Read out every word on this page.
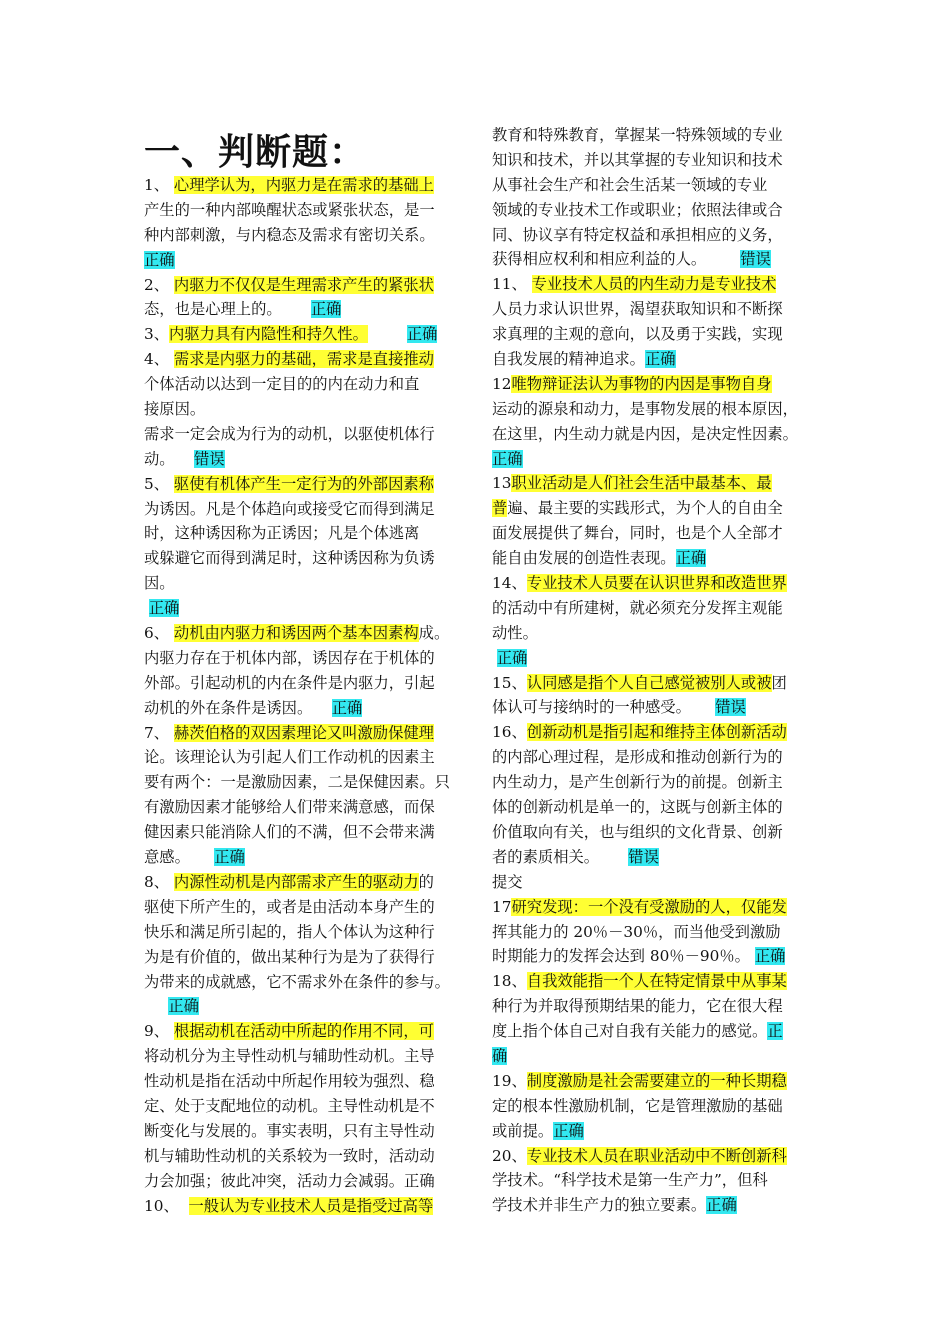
一、判断题：
1、 心理学认为，内驱力是在需求的基础上
产生的一种内部唤醒状态或紧张状态，是一
种内部刺激，与内稳态及需求有密切关系。
正确
2、 内驱力不仅仅是生理需求产生的紧张状
态，也是心理上的。      正确
3、内驱力具有内隐性和持久性。	正确
4、 需求是内驱力的基础，需求是直接推动
个体活动以达到一定目的的内在动力和直
接原因。
需求一定会成为行为的动机，以驱使机体行
动。    错误
5、 驱使有机体产生一定行为的外部因素称
为诱因。凡是个体趋向或接受它而得到满足
时，这种诱因称为正诱因；凡是个体逃离
或躲避它而得到满足时，这种诱因称为负诱
因。
正确
6、 动机由内驱力和诱因两个基本因素构成。
内驱力存在于机体内部，诱因存在于机体的
外部。引起动机的内在条件是内驱力，引起
动机的外在条件是诱因。    正确
7、 赫茨伯格的双因素理论又叫激励保健理
论。该理论认为引起人们工作动机的因素主
要有两个：一是激励因素，二是保健因素。只
有激励因素才能够给人们带来满意感，而保
健因素只能消除人们的不满，但不会带来满
意感。     正确
8、 内源性动机是内部需求产生的驱动力的
驱使下所产生的，或者是由活动本身产生的
快乐和满足所引起的，指人个体认为这种行
为是有价值的，做出某种行为是为了获得行
为带来的成就感，它不需求外在条件的参与。
正确
9、 根据动机在活动中所起的作用不同，可
将动机分为主导性动机与辅助性动机。主导
性动机是指在活动中所起作用较为强烈、稳
定、处于支配地位的动机。主导性动机是不
断变化与发展的。事实表明，只有主导性动
机与辅助性动机的关系较为一致时，活动动
力会加强；彼此冲突，活动力会减弱。正确
10、  一般认为专业技术人员是指受过高等
教育和特殊教育，掌握某一特殊领域的专业
知识和技术，并以其掌握的专业知识和技术
从事社会生产和社会生活某一领域的专业
领域的专业技术工作或职业；依照法律或合
同、协议享有特定权益和承担相应的义务，
获得相应权利和相应利益的人。       错误
11、 专业技术人员的内生动力是专业技术
人员力求认识世界，渴望获取知识和不断探
求真理的主观的意向，以及勇于实践，实现
自我发展的精神追求。正确
12唯物辩证法认为事物的内因是事物自身
运动的源泉和动力，是事物发展的根本原因，
在这里，内生动力就是内因，是决定性因素。
正确
13职业活动是人们社会生活中最基本、最
普遍、最主要的实践形式，为个人的自由全
面发展提供了舞台，同时，也是个人全部才
能自由发展的创造性表现。正确
14、专业技术人员要在认识世界和改造世界
的活动中有所建树，就必须充分发挥主观能
动性。
正确
15、认同感是指个人自己感觉被别人或被团
体认可与接纳时的一种感受。     错误
16、创新动机是指引起和维持主体创新活动
的内部心理过程，是形成和推动创新行为的
内生动力，是产生创新行为的前提。创新主
体的创新动机是单一的，这既与创新主体的
价值取向有关，也与组织的文化背景、创新
者的素质相关。      错误
提交
17研究发现：一个没有受激励的人，仅能发
挥其能力的 20％－30％，而当他受到激励
时期能力的发挥会达到 80％－90％。 正确
18、自我效能指一个人在特定情景中从事某
种行为并取得预期结果的能力，它在很大程
度上指个体自己对自我有关能力的感觉。正
确
19、制度激励是社会需要建立的一种长期稳
定的根本性激励机制，它是管理激励的基础
或前提。正确
20、专业技术人员在职业活动中不断创新科
学技术。“科学技术是第一生产力”，但科
学技术并非生产力的独立要素。正确
